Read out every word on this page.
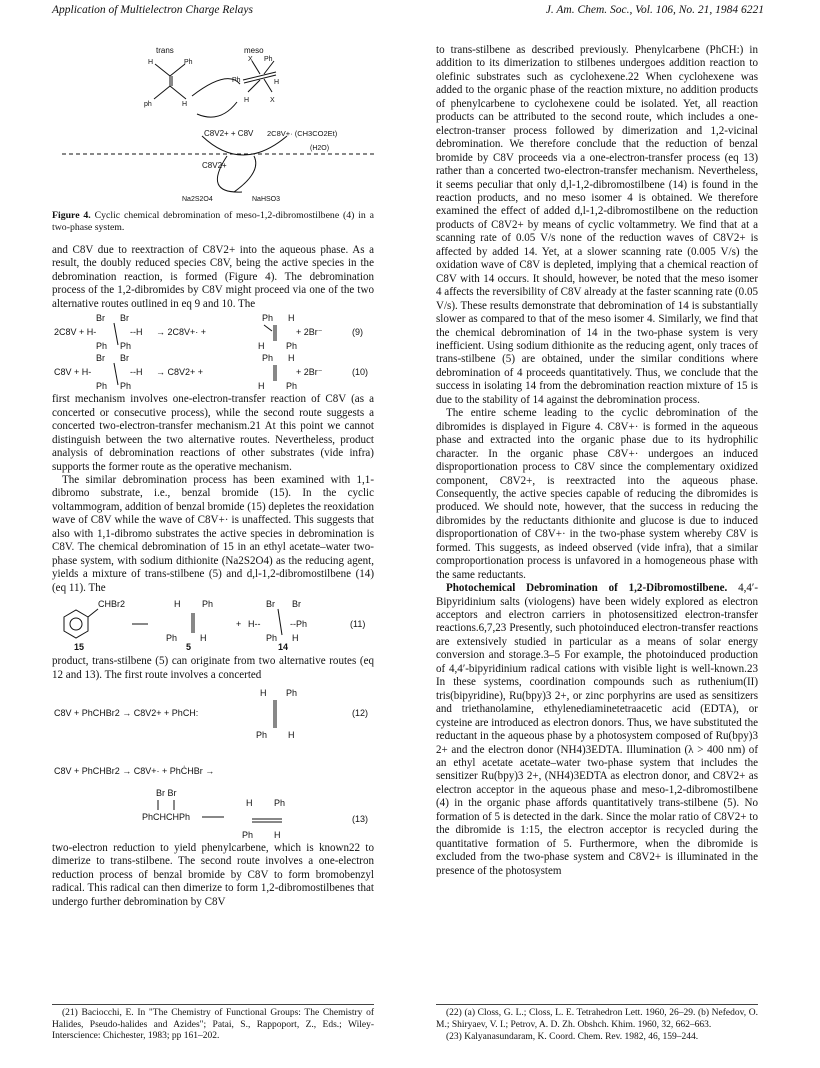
Application of Multielectron Charge Relays	J. Am. Chem. Soc., Vol. 106, No. 21, 1984 6221
trans	meso
H	Ph
ph	H
Ph
X
Ph	H
H	X
C8V2+ + C8V 2C8V+· (CH3CO2Et)
(H2O)
C8V2+
Na2S2O4	NaHSO3

Figure 4. Cyclic chemical debromination of meso-1,2-dibromostilbene (4) in a two-phase system.

and C8V due to reextraction of C8V2+ into the aqueous phase. As a result, the doubly reduced species C8V, being the active species in the debromination reaction, is formed (Figure 4). The debromination process of the 1,2-dibromides by C8V might proceed via one of the two alternative routes outlined in eq 9 and 10. The

Br Br	Ph H
2C8V + H-	--H → 2C8V+· +	+ 2Br⁻	(9)
Ph Ph	H Ph
Br Br	Ph H
C8V + H-	--H → C8V2+ +	+ 2Br⁻	(10)
Ph Ph	H Ph

first mechanism involves one-electron-transfer reaction of C8V (as a concerted or consecutive process), while the second route suggests a concerted two-electron-transfer mechanism.21 At this point we cannot distinguish between the two alternative routes. Nevertheless, product analysis of debromination reactions of other substrates (vide infra) supports the former route as the operative mechanism.

The similar debromination process has been examined with 1,1-dibromo substrate, i.e., benzal bromide (15). In the cyclic voltammogram, addition of benzal bromide (15) depletes the reoxidation wave of C8V while the wave of C8V+· is unaffected. This suggests that also with 1,1-dibromo substrates the active species in debromination is C8V. The chemical debromination of 15 in an ethyl acetate–water two-phase system, with sodium dithionite (Na2S2O4) as the reducing agent, yields a mixture of trans-stilbene (5) and d,l-1,2-dibromostilbene (14) (eq 11). The

CHBr2	H Ph
Ph	H
+ H--	--Ph
Br Br
Ph H
(11)
15	5	14

product, trans-stilbene (5) can originate from two alternative routes (eq 12 and 13). The first route involves a concerted

H Ph
C8V + PhCHBr2 → C8V2+ + PhCH:	(12)
Ph H
C8V + PhCHBr2 → C8V+· + PhĊHBr →
Br Br
PhCHCHPh
H Ph
Ph H
(13)

two-electron reduction to yield phenylcarbene, which is known22 to dimerize to trans-stilbene. The second route involves a one-electron reduction process of benzal bromide by C8V to form bromobenzyl radical. This radical can then dimerize to form 1,2-dibromostilbenes that undergo further debromination by C8V

to trans-stilbene as described previously. Phenylcarbene (PhCH:) in addition to its dimerization to stilbenes undergoes addition reaction to olefinic substrates such as cyclohexene.22 When cyclohexene was added to the organic phase of the reaction mixture, no addition products of phenylcarbene to cyclohexene could be isolated. Yet, all reaction products can be attributed to the second route, which includes a one-electron-transer process followed by dimerization and 1,2-vicinal debromination. We therefore conclude that the reduction of benzal bromide by C8V proceeds via a one-electron-transfer process (eq 13) rather than a concerted two-electron-transfer mechanism. Nevertheless, it seems peculiar that only d,l-1,2-dibromostilbene (14) is found in the reaction products, and no meso isomer 4 is obtained. We therefore examined the effect of added d,l-1,2-dibromostilbene on the reduction products of C8V2+ by means of cyclic voltammetry. We find that at a scanning rate of 0.05 V/s none of the reduction waves of C8V2+ is affected by added 14. Yet, at a slower scanning rate (0.005 V/s) the oxidation wave of C8V is depleted, implying that a chemical reaction of C8V with 14 occurs. It should, however, be noted that the meso isomer 4 affects the reversibility of C8V already at the faster scanning rate (0.05 V/s). These results demonstrate that debromination of 14 is substantially slower as compared to that of the meso isomer 4. Similarly, we find that the chemical debromination of 14 in the two-phase system is very inefficient. Using sodium dithionite as the reducing agent, only traces of trans-stilbene (5) are obtained, under the similar conditions where debromination of 4 proceeds quantitatively. Thus, we conclude that the success in isolating 14 from the debromination reaction mixture of 15 is due to the stability of 14 against the debromination process.

The entire scheme leading to the cyclic debromination of the dibromides is displayed in Figure 4. C8V+· is formed in the aqueous phase and extracted into the organic phase due to its hydrophilic character. In the organic phase C8V+· undergoes an induced disproportionation process to C8V since the complementary oxidized component, C8V2+, is reextracted into the aqueous phase. Consequently, the active species capable of reducing the dibromides is produced. We should note, however, that the success in reducing the dibromides by the reductants dithionite and glucose is due to induced disproportionation of C8V+· in the two-phase system whereby C8V is formed. This suggests, as indeed observed (vide infra), that a similar comproportionation process is unfavored in a homogeneous phase with the same reductants.

Photochemical Debromination of 1,2-Dibromostilbene. 4,4′-Bipyridinium salts (viologens) have been widely explored as electron acceptors and electron carriers in photosensitized electron-transfer reactions.6,7,23 Presently, such photoinduced electron-transfer reactions are extensively studied in particular as a means of solar energy conversion and storage.3–5 For example, the photoinduced production of 4,4′-bipyridinium radical cations with visible light is well-known.23 In these systems, coordination compounds such as ruthenium(II) tris(bipyridine), Ru(bpy)3 2+, or zinc porphyrins are used as sensitizers and triethanolamine, ethylenediaminetetraacetic acid (EDTA), or cysteine are introduced as electron donors. Thus, we have substituted the reductant in the aqueous phase by a photosystem composed of Ru(bpy)3 2+ and the electron donor (NH4)3EDTA. Illumination (λ > 400 nm) of an ethyl acetate acetate–water two-phase system that includes the sensitizer Ru(bpy)3 2+, (NH4)3EDTA as electron donor, and C8V2+ as electron acceptor in the aqueous phase and meso-1,2-dibromostilbene (4) in the organic phase affords quantitatively trans-stilbene (5). No formation of 5 is detected in the dark. Since the molar ratio of C8V2+ to the dibromide is 1:15, the electron acceptor is recycled during the quantitative formation of 5. Furthermore, when the dibromide is excluded from the two-phase system and C8V2+ is illuminated in the presence of the photosystem

(21) Baciocchi, E. In "The Chemistry of Functional Groups: The Chemistry of Halides, Pseudo-halides and Azides"; Patai, S., Rappoport, Z., Eds.; Wiley-Interscience: Chichester, 1983; pp 161–202.

(22) (a) Closs, G. L.; Closs, L. E. Tetrahedron Lett. 1960, 26–29. (b) Nefedov, O. M.; Shiryaev, V. I.; Petrov, A. D. Zh. Obshch. Khim. 1960, 32, 662–663.

(23) Kalyanasundaram, K. Coord. Chem. Rev. 1982, 46, 159–244.
